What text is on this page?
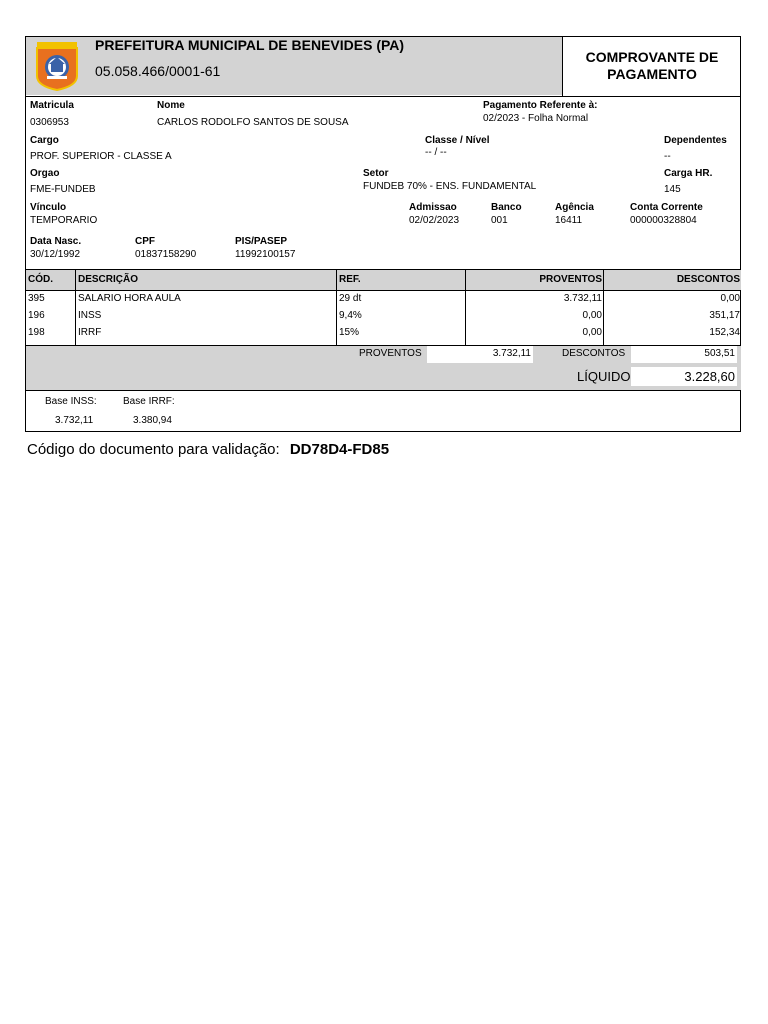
PREFEITURA MUNICIPAL DE BENEVIDES (PA)
05.058.466/0001-61
COMPROVANTE DE
PAGAMENTO
Matricula
0306953
Nome
CARLOS RODOLFO SANTOS DE SOUSA
Pagamento Referente à:
02/2023 - Folha Normal
Cargo
PROF. SUPERIOR - CLASSE A
Classe / Nível
-- / --
Dependentes
--
Orgao
FME-FUNDEB
Setor
FUNDEB 70% - ENS. FUNDAMENTAL
Carga HR.
145
Vínculo
TEMPORARIO
Admissao
02/02/2023
Banco
001
Agência
16411
Conta Corrente
000000328804
Data Nasc.
30/12/1992
CPF
01837158290
PIS/PASEP
11992100157
CÓD.	DESCRIÇÃO	REF.	PROVENTOS	DESCONTOS
395	SALARIO HORA AULA	29 dt	3.732,11	0,00
196	INSS	9,4%	0,00	351,17
198	IRRF	15%	0,00	152,34
PROVENTOS	3.732,11	DESCONTOS	503,51
LÍQUIDO	3.228,60
Base INSS:
3.732,11
Base IRRF:
3.380,94
Código do documento para validação: DD78D4-FD85
